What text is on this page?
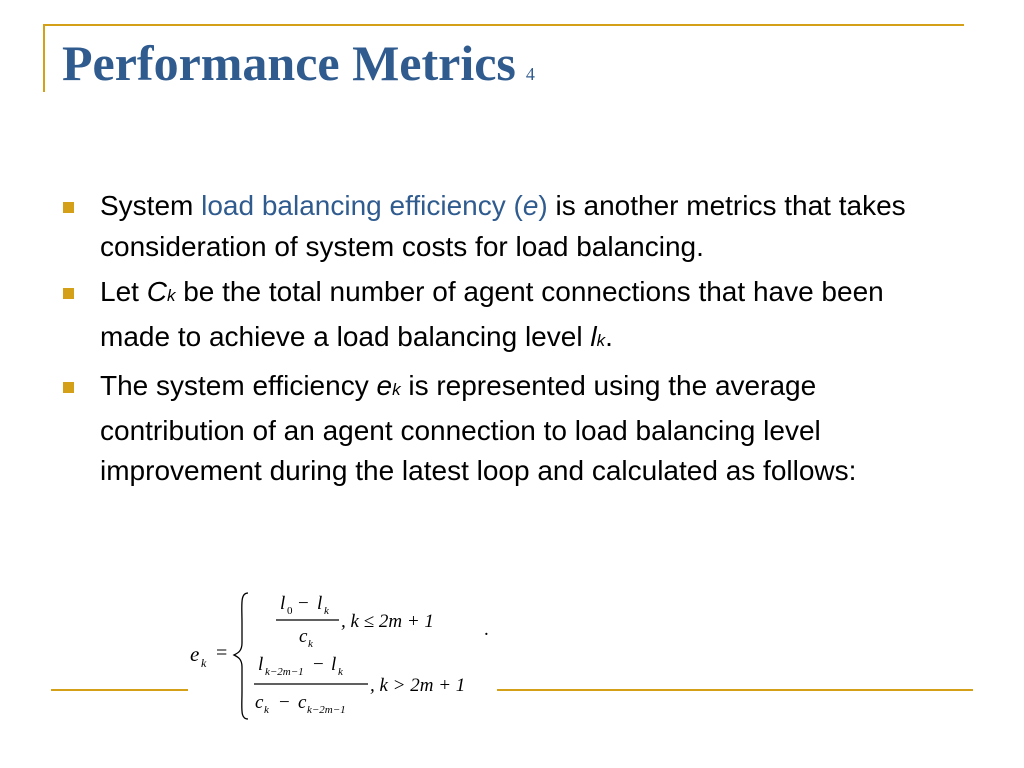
Performance Metrics 4
System load balancing efficiency (e) is another metrics that takes consideration of system costs for load balancing.
Let Ck be the total number of agent connections that have been made to achieve a load balancing level lk.
The system efficiency ek is represented using the average contribution of an agent connection to load balancing level improvement during the latest loop and calculated as follows:
e k =
l 0 − l k
c k
, k ≤ 2m + 1
l k−2m−1 − l k
c k − c k−2m−1
, k > 2m + 1
.
